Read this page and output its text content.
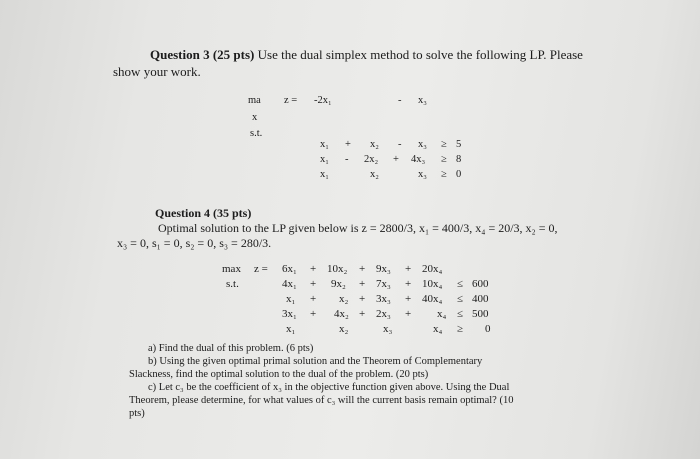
Question 3 (25 pts) Use the dual simplex method to solve the following LP. Please
show your work.
ma
x
z = -2x₁	- x₃
s.t.
x₁ + x₂ - x₃ ≥ 5
x₁ - 2x₂ + 4x₃ ≥ 8
x₁	x₂	x₃ ≥ 0
Question 4 (35 pts)
Optimal solution to the LP given below is z = 2800/3, x₁ = 400/3, x₄ = 20/3, x₂ = 0,
x₃ = 0, s₁ = 0, s₂ = 0, s₃ = 280/3.
max z =
s.t.
6x₁ + 10x₂ + 9x₃ + 20x₄
4x₁ + 9x₂ + 7x₃ + 10x₄ ≤ 600
x₁ + x₂ + 3x₃ + 40x₄ ≤ 400
3x₁ + 4x₂ + 2x₃ + x₄ ≤ 500
x₁	x₂	x₃	x₄ ≥ 0
a) Find the dual of this problem. (6 pts)
b) Using the given optimal primal solution and the Theorem of Complementary
Slackness, find the optimal solution to the dual of the problem. (20 pts)
c) Let c₃ be the coefficient of x₃ in the objective function given above. Using the Dual
Theorem, please determine, for what values of c₃ will the current basis remain optimal? (10
pts)
